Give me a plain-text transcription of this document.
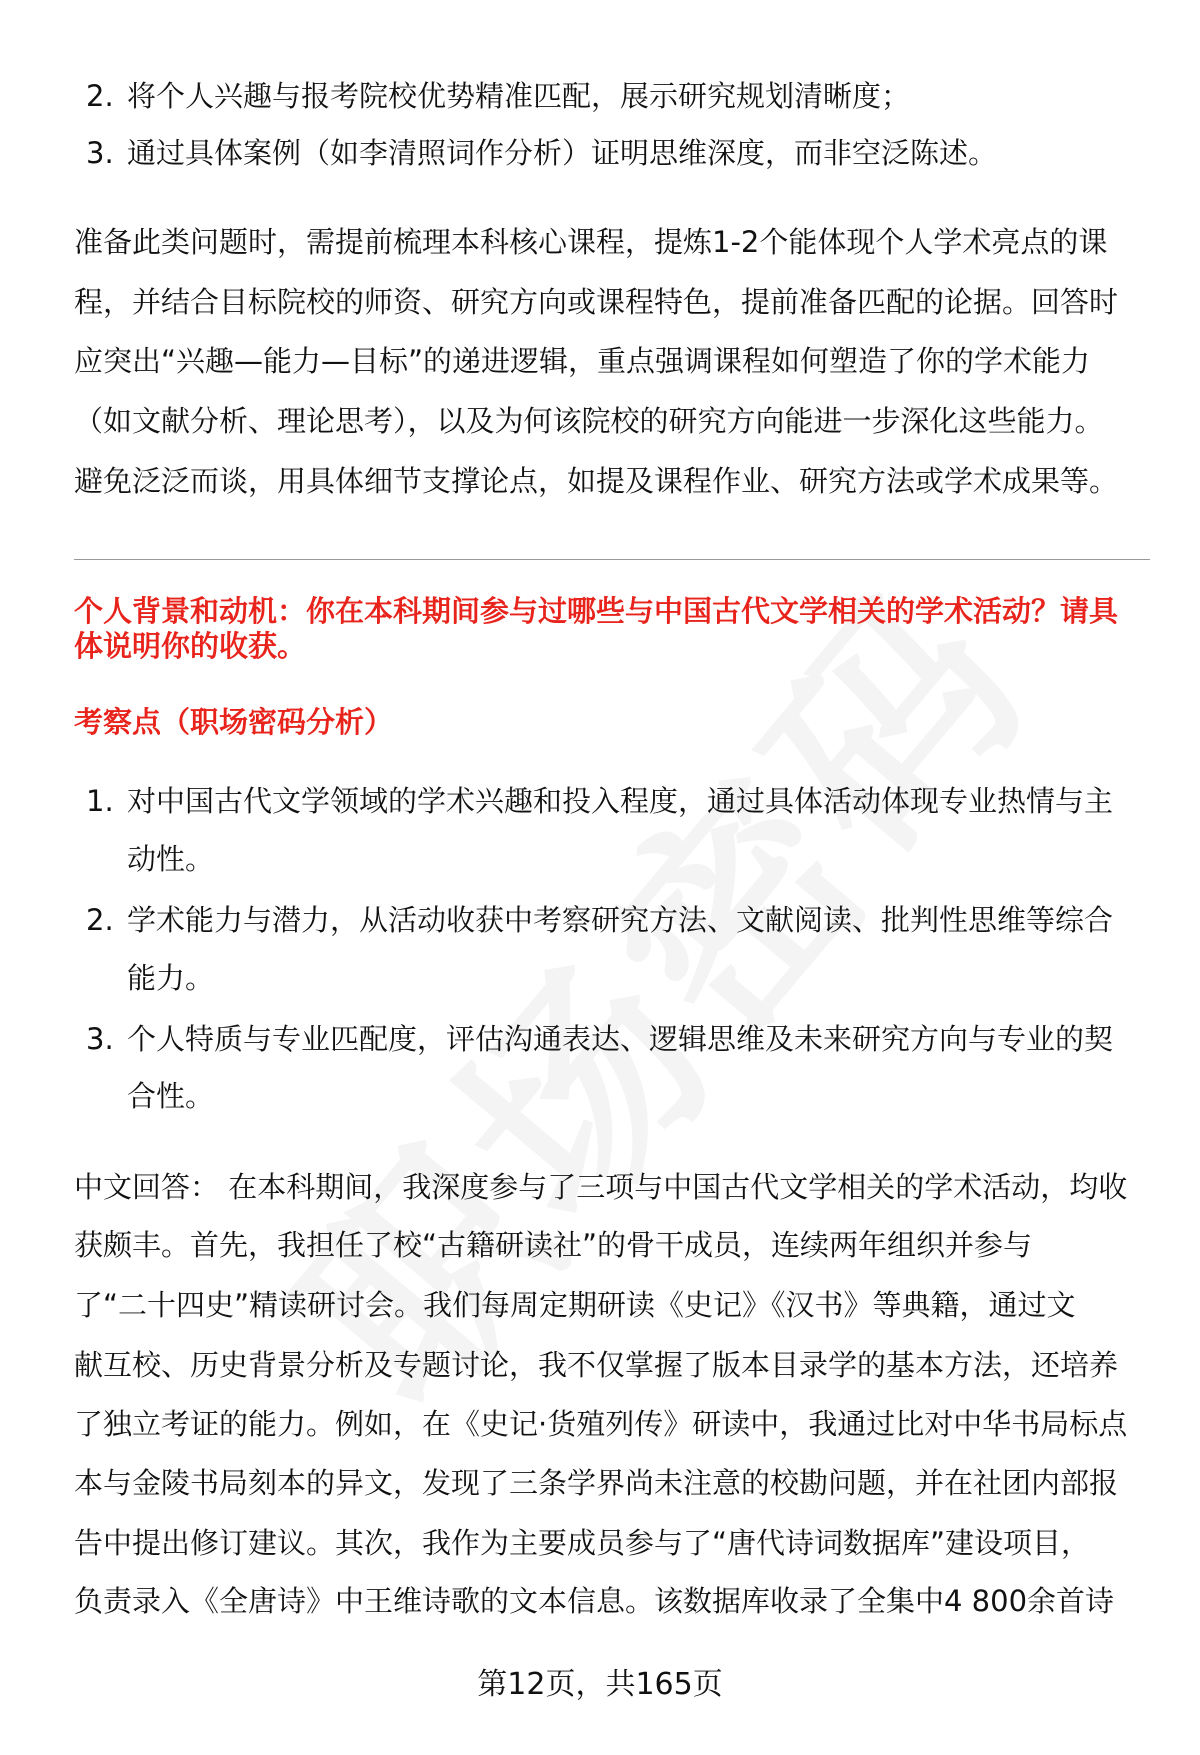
2. 将个人兴趣与报考院校优势精准匹配，展示研究规划清晰度；
3. 通过具体案例（如李清照词作分析）证明思维深度，而非空泛陈述。
准备此类问题时，需提前梳理本科核心课程，提炼1-2个能体现个人学术亮点的课
程，并结合目标院校的师资、研究方向或课程特色，提前准备匹配的论据。回答时
应突出“兴趣—能力—目标”的递进逻辑，重点强调课程如何塑造了你的学术能力
（如文献分析、理论思考），以及为何该院校的研究方向能进一步深化这些能力。
避免泛泛而谈，用具体细节支撑论点，如提及课程作业、研究方法或学术成果等。
个人背景和动机：你在本科期间参与过哪些与中国古代文学相关的学术活动？请具
体说明你的收获。
考察点（职场密码分析）
1. 对中国古代文学领域的学术兴趣和投入程度，通过具体活动体现专业热情与主
动性。
2. 学术能力与潜力，从活动收获中考察研究方法、文献阅读、批判性思维等综合
能力。
3. 个人特质与专业匹配度，评估沟通表达、逻辑思维及未来研究方向与专业的契
合性。
中文回答： 在本科期间，我深度参与了三项与中国古代文学相关的学术活动，均收
获颇丰。首先，我担任了校“古籍研读社”的骨干成员，连续两年组织并参与
了“二十四史”精读研讨会。我们每周定期研读《史记》《汉书》等典籍，通过文
献互校、历史背景分析及专题讨论，我不仅掌握了版本目录学的基本方法，还培养
了独立考证的能力。例如，在《史记·货殖列传》研读中，我通过比对中华书局标点
本与金陵书局刻本的异文，发现了三条学界尚未注意的校勘问题，并在社团内部报
告中提出修订建议。其次，我作为主要成员参与了“唐代诗词数据库”建设项目，
负责录入《全唐诗》中王维诗歌的文本信息。该数据库收录了全集中4 800余首诗
第12页，共165页
